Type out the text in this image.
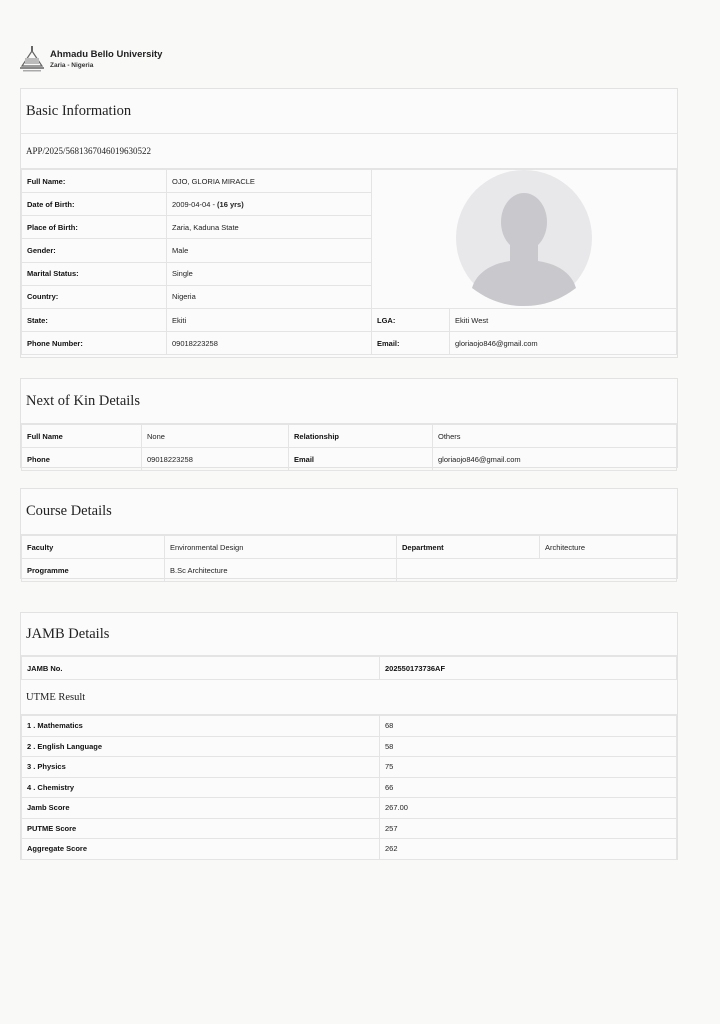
Ahmadu Bello University
Zaria - Nigeria
Basic Information
APP/2025/5681367046019630522
Full Name:	OJO, GLORIA MIRACLE	
Date of Birth:	2009-04-04 - (16 yrs)		
Place of Birth:	Zaria, Kaduna State		
Gender:	Male		
Marital Status:	Single		
Country:	Nigeria		
State:	Ekiti	LGA:	Ekiti West
Phone Number:	09018223258	Email:	gloriaojo846@gmail.com
Next of Kin Details
Full Name	None	Relationship	Others
Phone	09018223258	Email	gloriaojo846@gmail.com
Course Details
Faculty	Environmental Design	Department	Architecture
Programme	B.Sc Architecture		
JAMB Details
JAMB No.	202550173736AF
UTME Result
1 . Mathematics	68
2 . English Language	58
3 . Physics	75
4 . Chemistry	66
Jamb Score	267.00
PUTME Score	257
Aggregate Score	262
